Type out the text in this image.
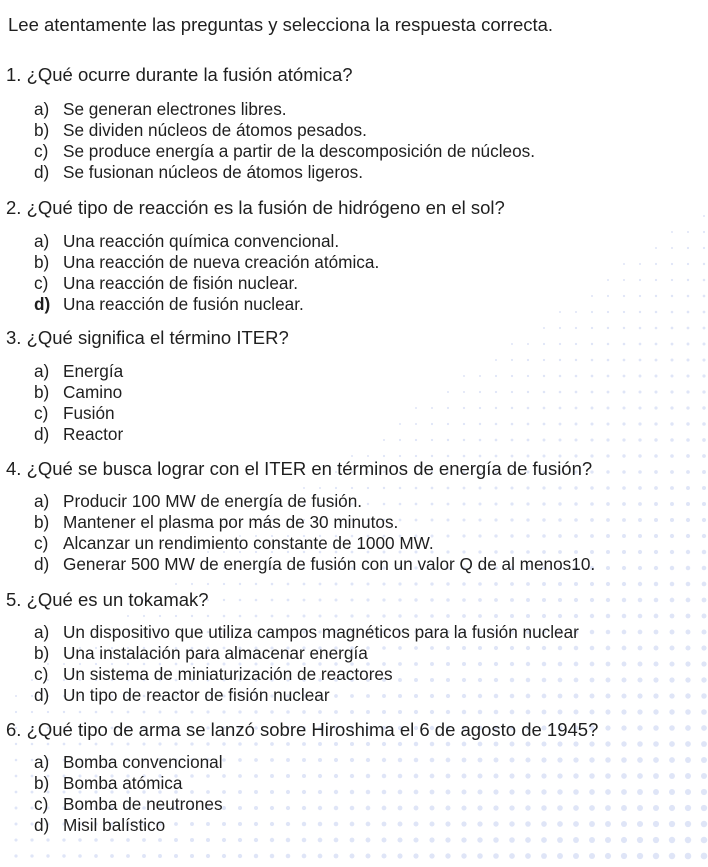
Lee atentamente las preguntas y selecciona la respuesta correcta.
1. ¿Qué ocurre durante la fusión atómica?
a) Se generan electrones libres.
b) Se dividen núcleos de átomos pesados.
c) Se produce energía a partir de la descomposición de núcleos.
d) Se fusionan núcleos de átomos ligeros.
2. ¿Qué tipo de reacción es la fusión de hidrógeno en el sol?
a) Una reacción química convencional.
b) Una reacción de nueva creación atómica.
c) Una reacción de fisión nuclear.
d) Una reacción de fusión nuclear.
3. ¿Qué significa el término ITER?
a) Energía
b) Camino
c) Fusión
d) Reactor
4. ¿Qué se busca lograr con el ITER en términos de energía de fusión?
a) Producir 100 MW de energía de fusión.
b) Mantener el plasma por más de 30 minutos.
c) Alcanzar un rendimiento constante de 1000 MW.
d) Generar 500 MW de energía de fusión con un valor Q de al menos10.
5. ¿Qué es un tokamak?
a) Un dispositivo que utiliza campos magnéticos para la fusión nuclear
b) Una instalación para almacenar energía
c) Un sistema de miniaturización de reactores
d) Un tipo de reactor de fisión nuclear
6. ¿Qué tipo de arma se lanzó sobre Hiroshima el 6 de agosto de 1945?
a) Bomba convencional
b) Bomba atómica
c) Bomba de neutrones
d) Misil balístico
